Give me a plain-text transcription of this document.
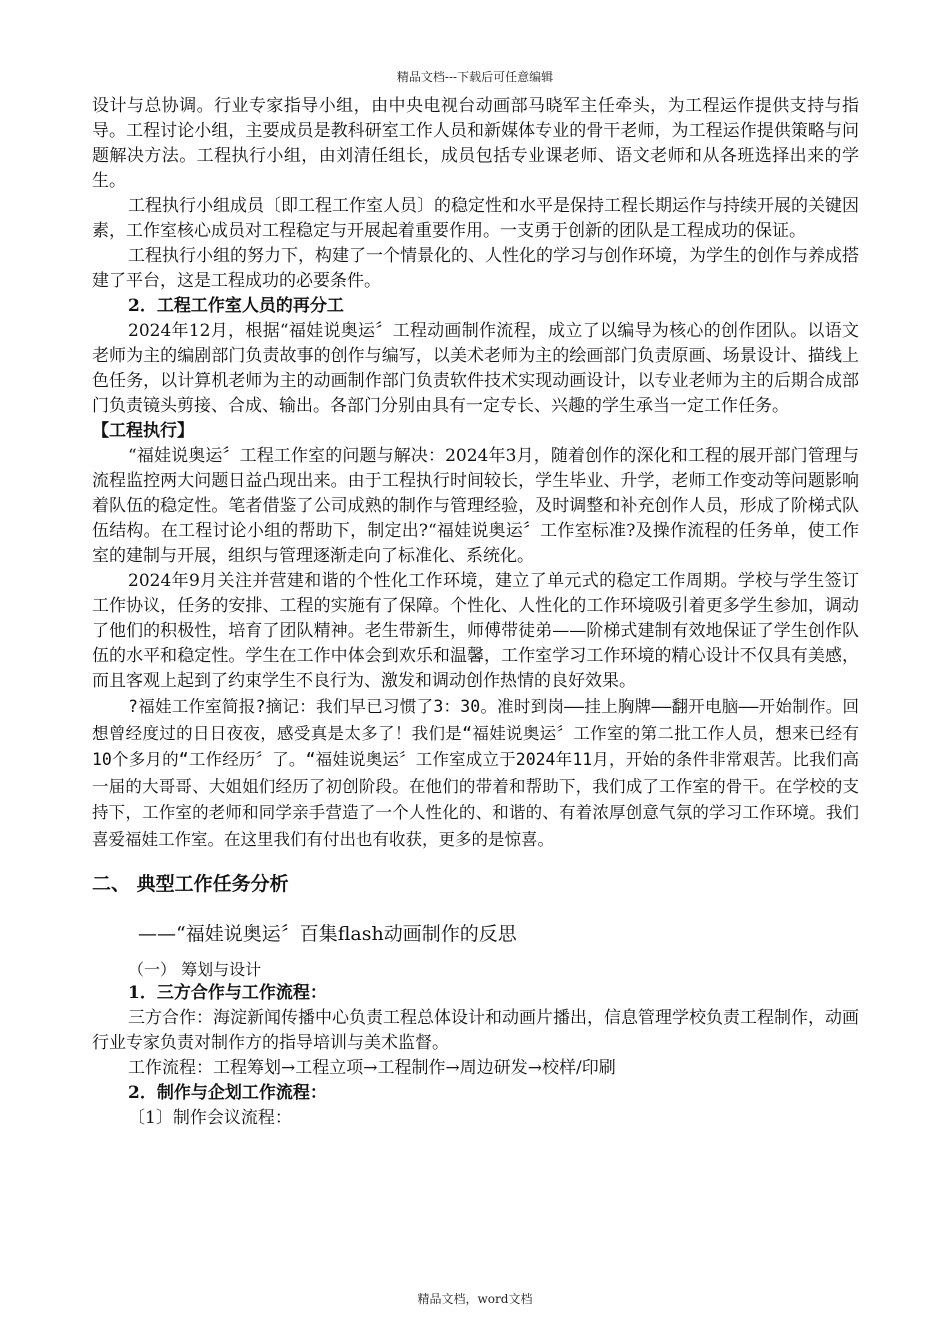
精品文档---下载后可任意编辑

设计与总协调。行业专家指导小组，由中央电视台动画部马晓军主任牵头，为工程运作提供支持与指导。工程讨论小组，主要成员是教科研室工作人员和新媒体专业的骨干老师，为工程运作提供策略与问题解决方法。工程执行小组，由刘清任组长，成员包括专业课老师、语文老师和从各班选择出来的学生。

工程执行小组成员〔即工程工作室人员〕的稳定性和水平是保持工程长期运作与持续开展的关键因素，工作室核心成员对工程稳定与开展起着重要作用。一支勇于创新的团队是工程成功的保证。

工程执行小组的努力下，构建了一个情景化的、人性化的学习与创作环境，为学生的创作与养成搭建了平台，这是工程成功的必要条件。

2．工程工作室人员的再分工

2024年12月，根据“福娃说奥运〞工程动画制作流程，成立了以编导为核心的创作团队。以语文老师为主的编剧部门负责故事的创作与编写，以美术老师为主的绘画部门负责原画、场景设计、描线上色任务，以计算机老师为主的动画制作部门负责软件技术实现动画设计，以专业老师为主的后期合成部门负责镜头剪接、合成、输出。各部门分别由具有一定专长、兴趣的学生承当一定工作任务。

【工程执行】

“福娃说奥运〞工程工作室的问题与解决：2024年3月，随着创作的深化和工程的展开部门管理与流程监控两大问题日益凸现出来。由于工程执行时间较长，学生毕业、升学，老师工作变动等问题影响着队伍的稳定性。笔者借鉴了公司成熟的制作与管理经验，及时调整和补充创作人员，形成了阶梯式队伍结构。在工程讨论小组的帮助下，制定出?“福娃说奥运〞工作室标准?及操作流程的任务单，使工作室的建制与开展，组织与管理逐渐走向了标准化、系统化。

2024年9月关注并营建和谐的个性化工作环境，建立了单元式的稳定工作周期。学校与学生签订工作协议，任务的安排、工程的实施有了保障。个性化、人性化的工作环境吸引着更多学生参加，调动了他们的积极性，培育了团队精神。老生带新生，师傅带徒弟——阶梯式建制有效地保证了学生创作队伍的水平和稳定性。学生在工作中体会到欢乐和温馨，工作室学习工作环境的精心设计不仅具有美感，而且客观上起到了约束学生不良行为、激发和调动创作热情的良好效果。

?福娃工作室简报?摘记：我们早已习惯了3：30。准时到岗——挂上胸牌——翻开电脑——开始制作。回想曾经度过的日日夜夜，感受真是太多了！我们是“福娃说奥运〞工作室的第二批工作人员，想来已经有10个多月的“工作经历〞了。“福娃说奥运〞工作室成立于2024年11月，开始的条件非常艰苦。比我们高一届的大哥哥、大姐姐们经历了初创阶段。在他们的带着和帮助下，我们成了工作室的骨干。在学校的支持下，工作室的老师和同学亲手营造了一个人性化的、和谐的、有着浓厚创意气氛的学习工作环境。我们喜爱福娃工作室。在这里我们有付出也有收获，更多的是惊喜。

二、 典型工作任务分析

——“福娃说奥运〞百集flash动画制作的反思

（一） 筹划与设计

1．三方合作与工作流程：

三方合作：海淀新闻传播中心负责工程总体设计和动画片播出，信息管理学校负责工程制作，动画行业专家负责对制作方的指导培训与美术监督。

工作流程：工程筹划→工程立项→工程制作→周边研发→校样/印刷

2．制作与企划工作流程：

〔1〕制作会议流程：

精品文档，word文档
